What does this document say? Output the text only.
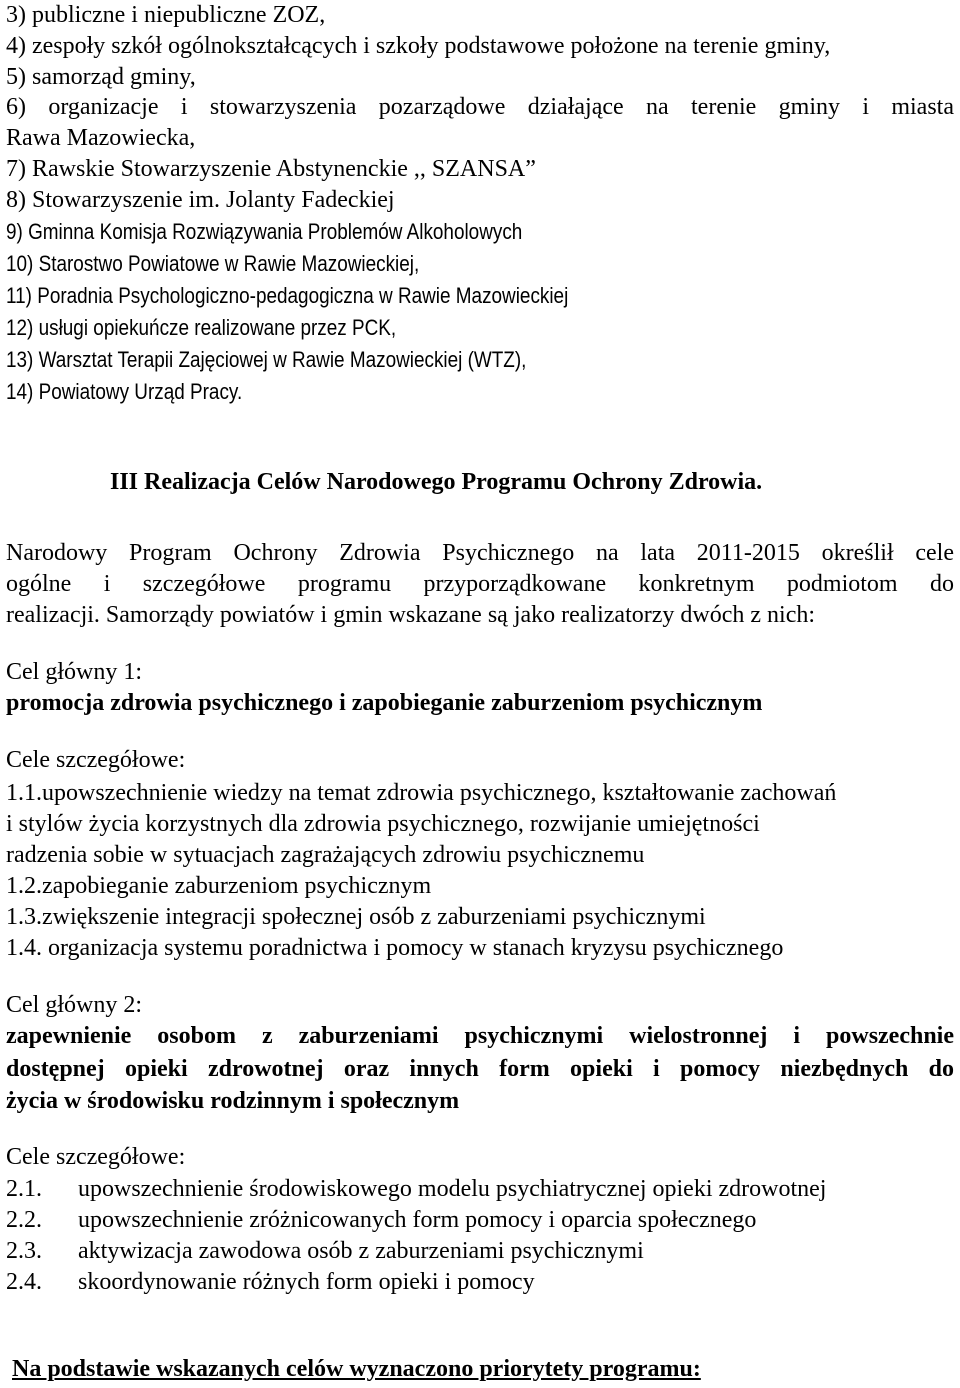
3) publiczne i niepubliczne ZOZ,
4) zespoły szkół ogólnokształcących i szkoły podstawowe położone na terenie gminy,
5) samorząd gminy,
6) organizacje i stowarzyszenia pozarządowe działające na terenie gminy i miasta
Rawa Mazowiecka,
7) Rawskie Stowarzyszenie Abstynenckie ,, SZANSA”
8) Stowarzyszenie im. Jolanty Fadeckiej
9) Gminna Komisja Rozwiązywania Problemów Alkoholowych
10) Starostwo Powiatowe w Rawie Mazowieckiej,
11) Poradnia Psychologiczno-pedagogiczna w Rawie Mazowieckiej
12) usługi opiekuńcze realizowane przez PCK,
13) Warsztat Terapii Zajęciowej w Rawie Mazowieckiej (WTZ),
14) Powiatowy Urząd Pracy.
III Realizacja Celów Narodowego Programu Ochrony Zdrowia.
Narodowy Program Ochrony Zdrowia Psychicznego na lata 2011-2015 określił cele
ogólne i szczegółowe programu przyporządkowane konkretnym podmiotom do
realizacji. Samorządy powiatów i gmin wskazane są jako realizatorzy dwóch z nich:
Cel główny 1:
promocja zdrowia psychicznego i zapobieganie zaburzeniom psychicznym
Cele szczegółowe:
1.1.upowszechnienie wiedzy na temat zdrowia psychicznego, kształtowanie zachowań
i stylów życia korzystnych dla zdrowia psychicznego, rozwijanie umiejętności
radzenia sobie w sytuacjach zagrażających zdrowiu psychicznemu
1.2.zapobieganie zaburzeniom psychicznym
1.3.zwiększenie integracji społecznej osób z zaburzeniami psychicznymi
1.4. organizacja systemu poradnictwa i pomocy w stanach kryzysu psychicznego
Cel główny 2:
zapewnienie osobom z zaburzeniami psychicznymi wielostronnej i powszechnie
dostępnej opieki zdrowotnej oraz innych form opieki i pomocy niezbędnych do
życia w środowisku rodzinnym i społecznym
Cele szczegółowe:
2.1. upowszechnienie środowiskowego modelu psychiatrycznej opieki zdrowotnej
2.2. upowszechnienie zróżnicowanych form pomocy i oparcia społecznego
2.3. aktywizacja zawodowa osób z zaburzeniami psychicznymi
2.4. skoordynowanie różnych form opieki i pomocy
Na podstawie wskazanych celów wyznaczono priorytety programu:
